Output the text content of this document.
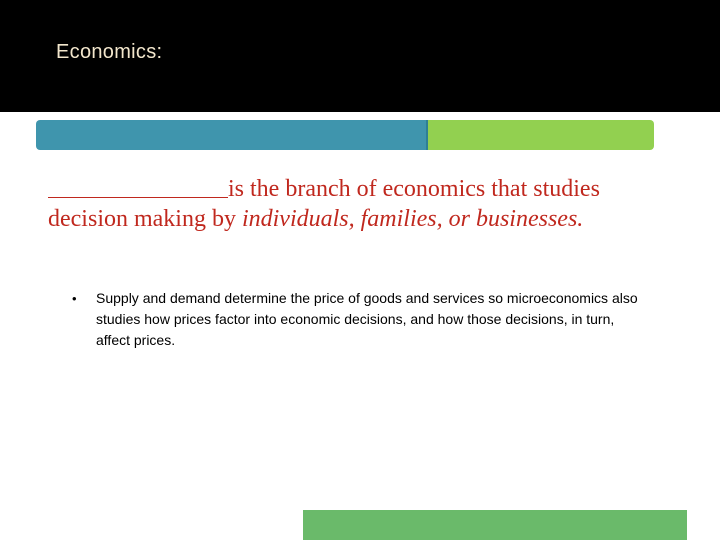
Economics:

is the branch of economics that studies decision making by individuals, families, or businesses.

•	Supply and demand determine the price of goods and services so microeconomics also studies how prices factor into economic decisions, and how those decisions, in turn, affect prices.
